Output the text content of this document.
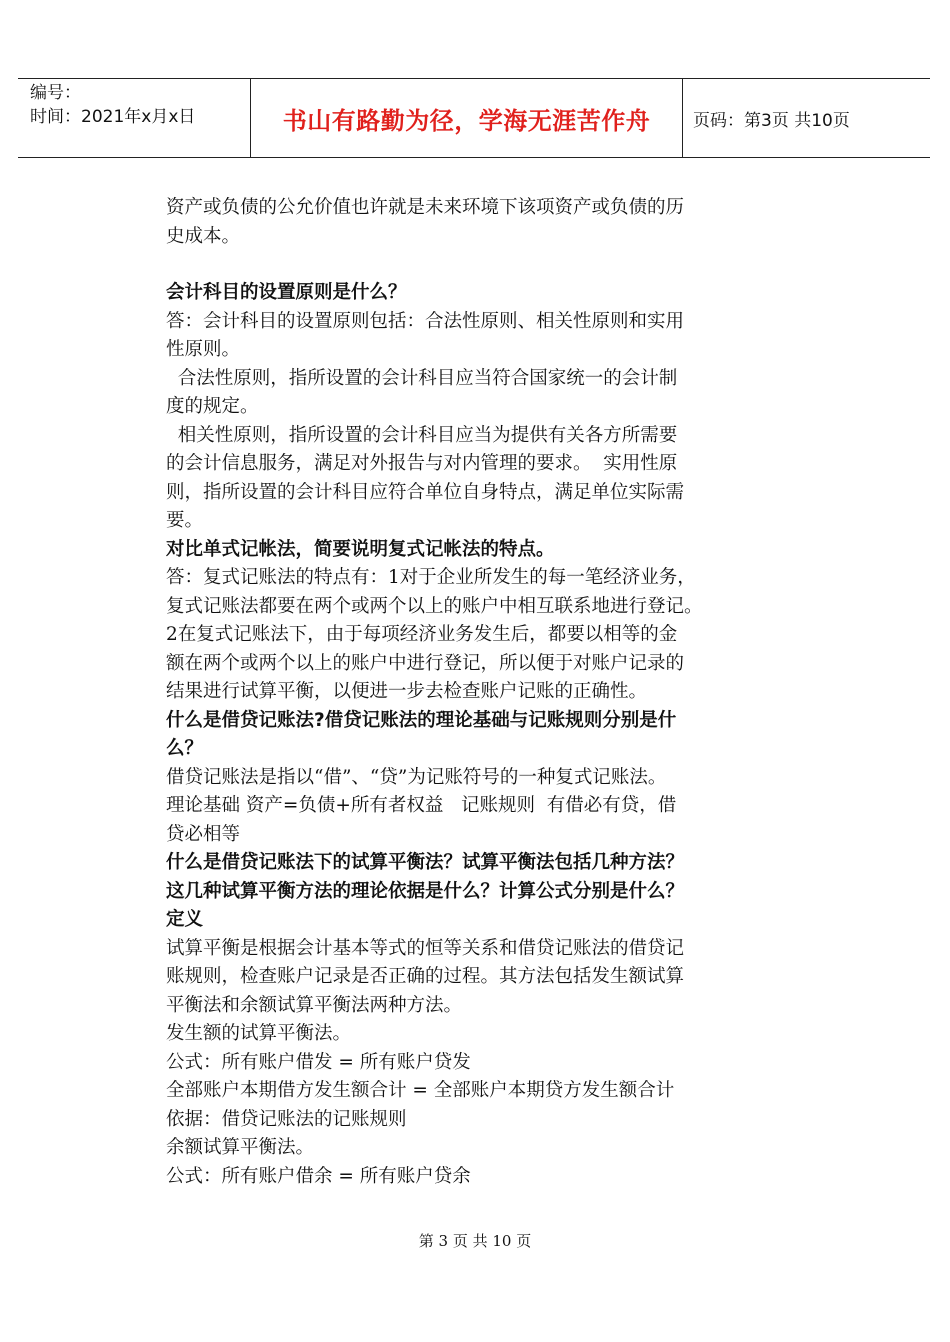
编号：
时间：2021年x月x日	书山有路勤为径，学海无涯苦作舟	页码：第3页 共10页

资产或负债的公允价值也许就是未来环境下该项资产或负债的历

史成本。

会计科目的设置原则是什么？

答：会计科目的设置原则包括：合法性原则、相关性原则和实用

性原则。

合法性原则，指所设置的会计科目应当符合国家统一的会计制

度的规定。

相关性原则，指所设置的会计科目应当为提供有关各方所需要

的会计信息服务，满足对外报告与对内管理的要求。  实用性原

则，指所设置的会计科目应符合单位自身特点，满足单位实际需

要。

对比单式记帐法，简要说明复式记帐法的特点。

答：复式记账法的特点有：1对于企业所发生的每一笔经济业务，

复式记账法都要在两个或两个以上的账户中相互联系地进行登记。

2在复式记账法下，由于每项经济业务发生后，都要以相等的金

额在两个或两个以上的账户中进行登记，所以便于对账户记录的

结果进行试算平衡，以便进一步去检查账户记账的正确性。

什么是借贷记账法?借贷记账法的理论基础与记账规则分别是什

么？

借贷记账法是指以“借”、“贷”为记账符号的一种复式记账法。

理论基础 资产=负债+所有者权益   记账规则  有借必有贷，借

贷必相等

什么是借贷记账法下的试算平衡法？试算平衡法包括几种方法？

这几种试算平衡方法的理论依据是什么？计算公式分别是什么？

定义

试算平衡是根据会计基本等式的恒等关系和借贷记账法的借贷记

账规则，检查账户记录是否正确的过程。其方法包括发生额试算

平衡法和余额试算平衡法两种方法。

发生额的试算平衡法。

公式：所有账户借发 = 所有账户贷发

全部账户本期借方发生额合计 = 全部账户本期贷方发生额合计

依据：借贷记账法的记账规则

余额试算平衡法。

公式：所有账户借余 = 所有账户贷余

第 3 页 共 10 页
